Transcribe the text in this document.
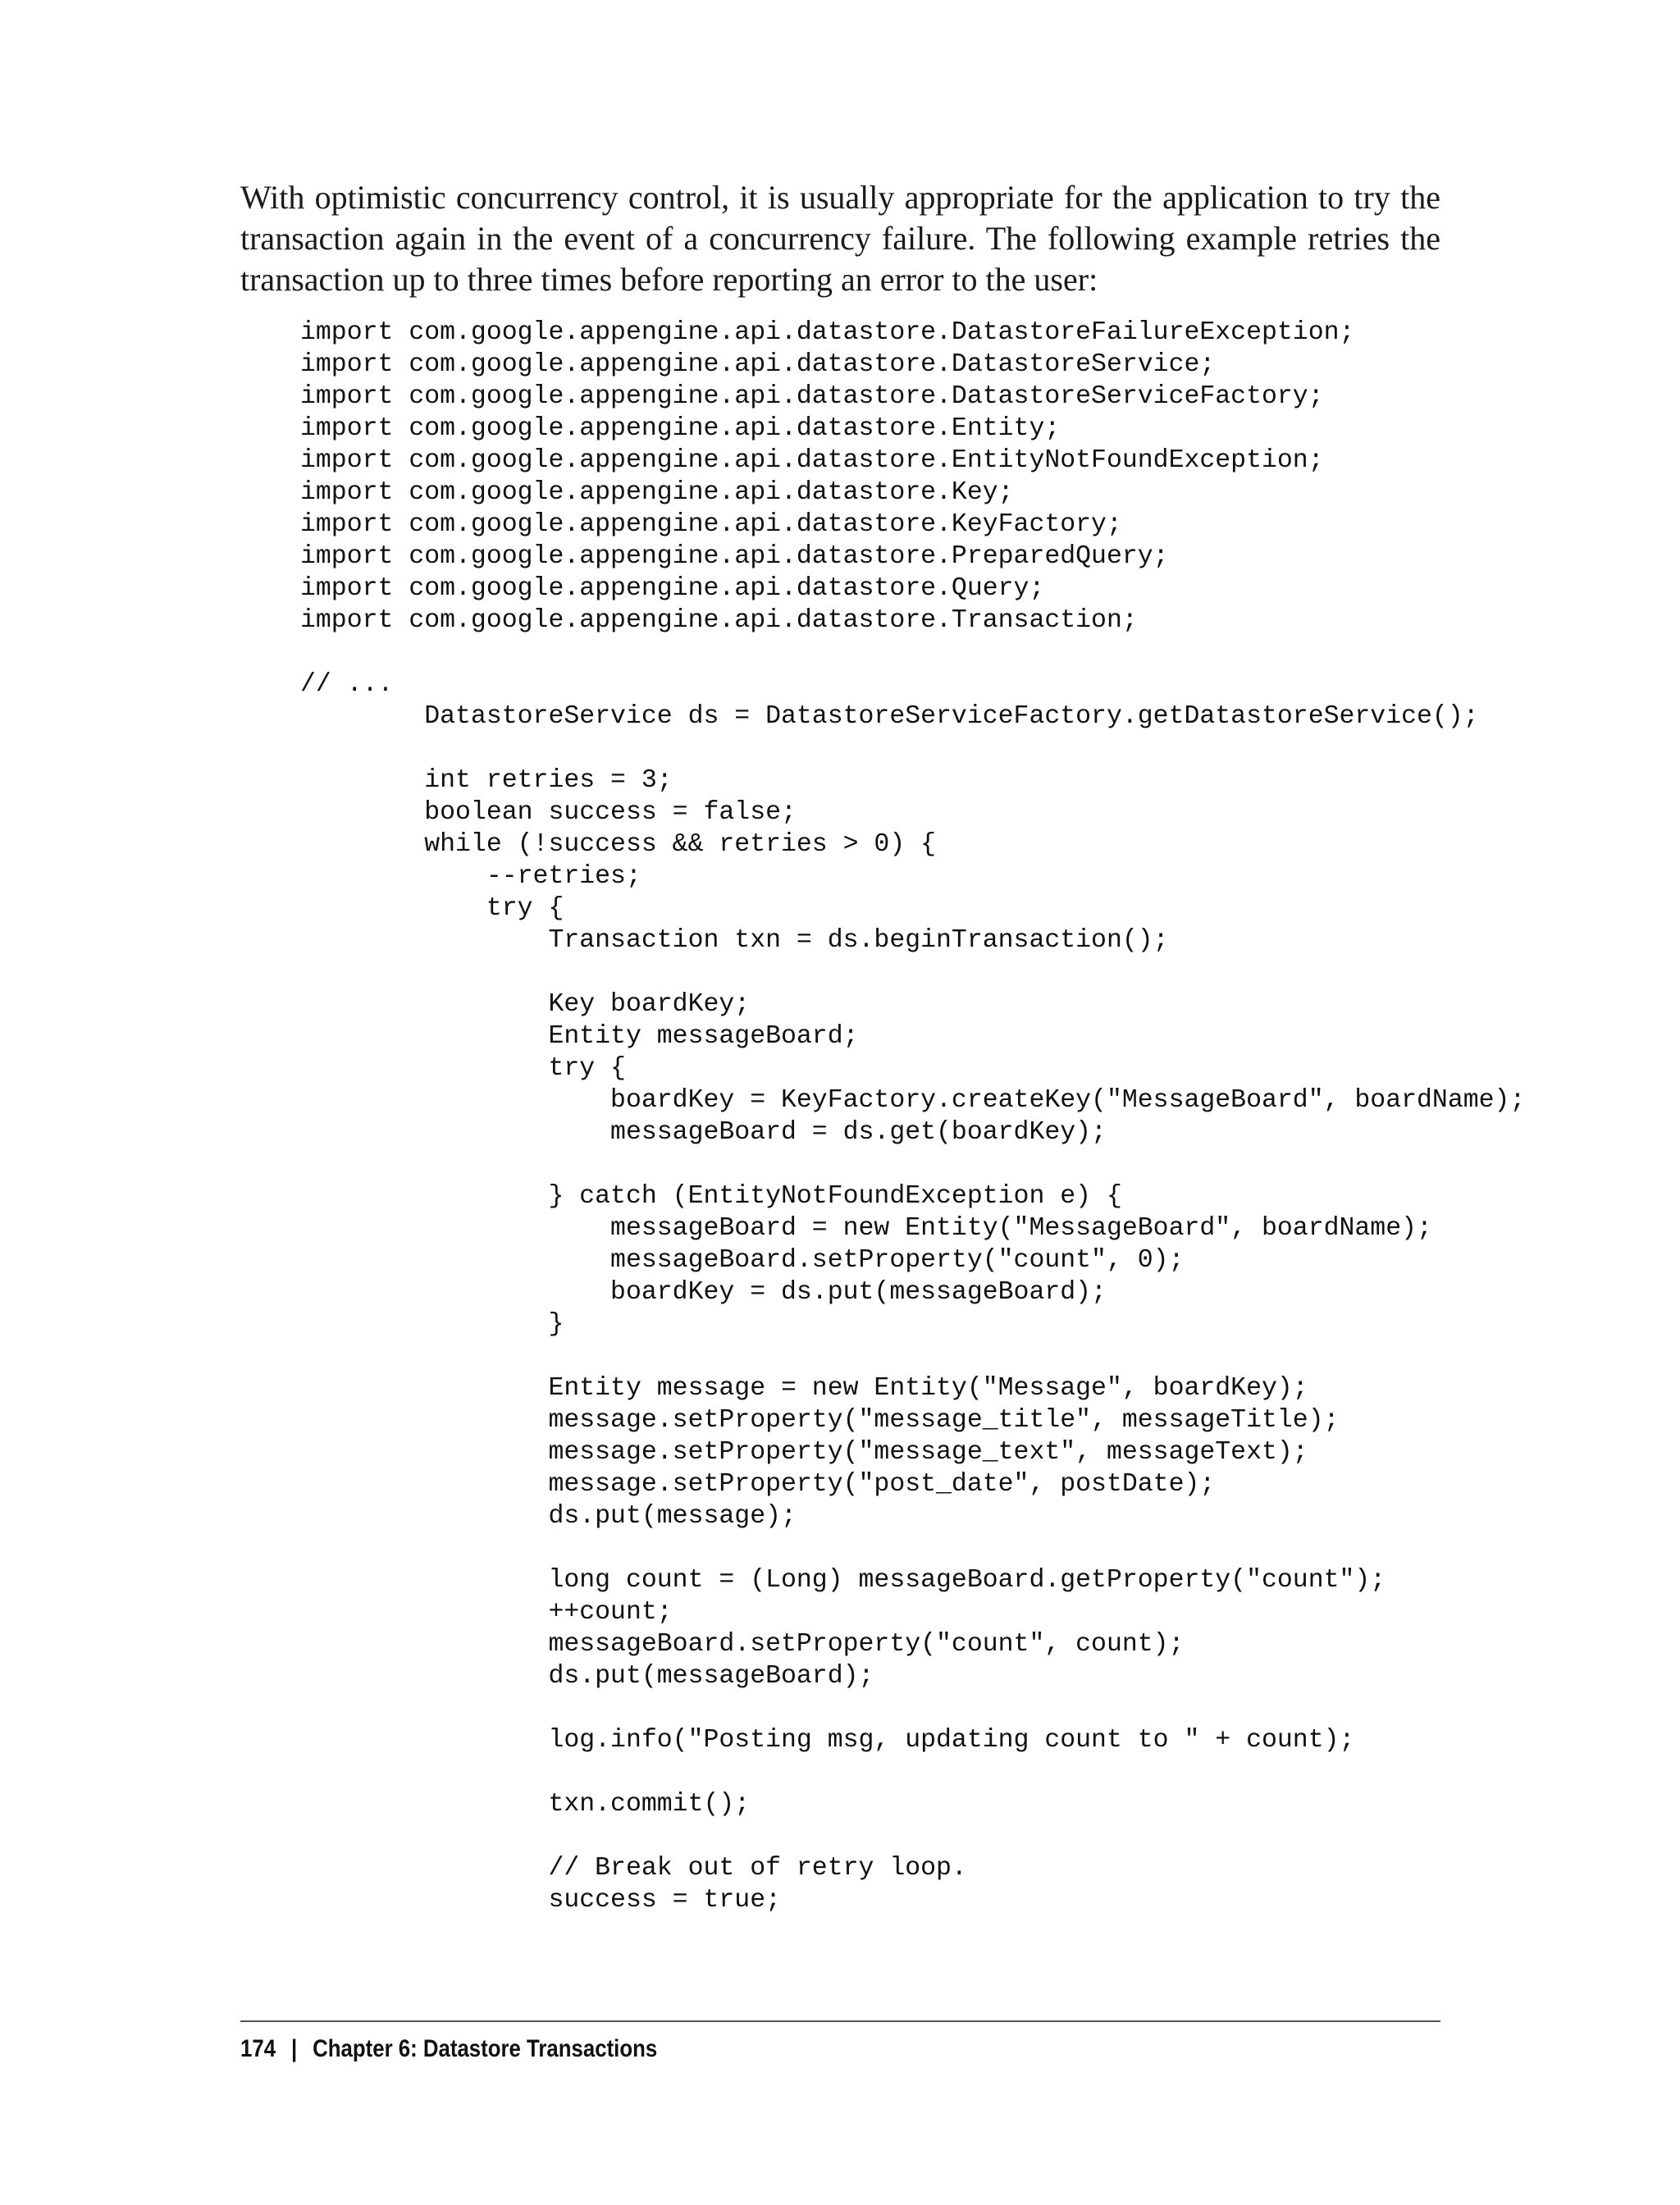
With optimistic concurrency control, it is usually appropriate for the application to try the transaction again in the event of a concurrency failure. The following example retries the transaction up to three times before reporting an error to the user:

import com.google.appengine.api.datastore.DatastoreFailureException;
import com.google.appengine.api.datastore.DatastoreService;
import com.google.appengine.api.datastore.DatastoreServiceFactory;
import com.google.appengine.api.datastore.Entity;
import com.google.appengine.api.datastore.EntityNotFoundException;
import com.google.appengine.api.datastore.Key;
import com.google.appengine.api.datastore.KeyFactory;
import com.google.appengine.api.datastore.PreparedQuery;
import com.google.appengine.api.datastore.Query;
import com.google.appengine.api.datastore.Transaction;
// ...
DatastoreService ds = DatastoreServiceFactory.getDatastoreService();
int retries = 3;
boolean success = false;
while (!success && retries > 0) {
--retries;
try {
Transaction txn = ds.beginTransaction();
Key boardKey;
Entity messageBoard;
try {
boardKey = KeyFactory.createKey("MessageBoard", boardName);
messageBoard = ds.get(boardKey);
} catch (EntityNotFoundException e) {
messageBoard = new Entity("MessageBoard", boardName);
messageBoard.setProperty("count", 0);
boardKey = ds.put(messageBoard);
}
Entity message = new Entity("Message", boardKey);
message.setProperty("message_title", messageTitle);
message.setProperty("message_text", messageText);
message.setProperty("post_date", postDate);
ds.put(message);
long count = (Long) messageBoard.getProperty("count");
++count;
messageBoard.setProperty("count", count);
ds.put(messageBoard);
log.info("Posting msg, updating count to " + count);
txn.commit();
// Break out of retry loop.
success = true;
174 | Chapter 6: Datastore Transactions
